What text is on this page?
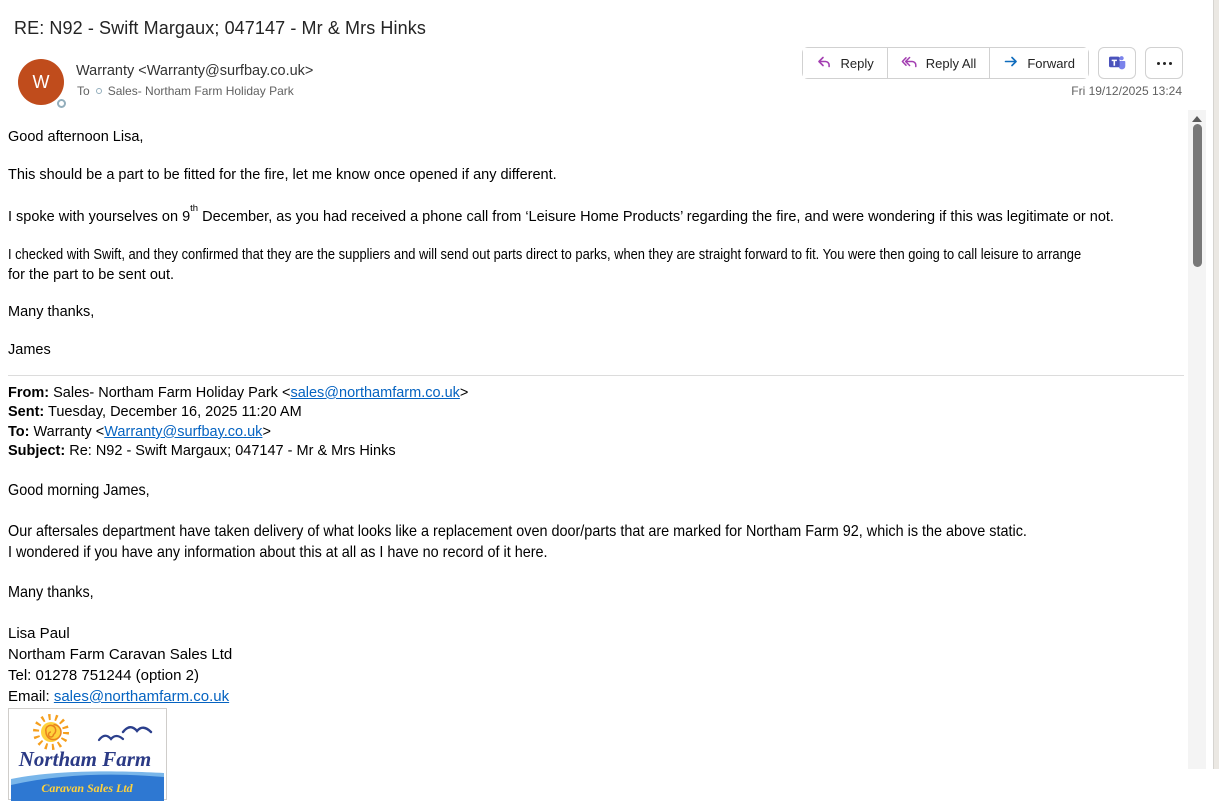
RE: N92 - Swift Margaux; 047147 - Mr & Mrs Hinks
W
Warranty <Warranty@surfbay.co.uk>
To Sales- Northam Farm Holiday Park
Reply	Reply All	Forward
Fri 19/12/2025 13:24
Good afternoon Lisa,
This should be a part to be fitted for the fire, let me know once opened if any different.
I spoke with yourselves on 9th December, as you had received a phone call from ‘Leisure Home Products’ regarding the fire, and were wondering if this was legitimate or not.
I checked with Swift, and they confirmed that they are the suppliers and will send out parts direct to parks, when they are straight forward to fit. You were then going to call leisure to arrange
for the part to be sent out.
Many thanks,
James
From: Sales- Northam Farm Holiday Park <sales@northamfarm.co.uk>
Sent: Tuesday, December 16, 2025 11:20 AM
To: Warranty <Warranty@surfbay.co.uk>
Subject: Re: N92 - Swift Margaux; 047147 - Mr & Mrs Hinks
Good morning James,
Our aftersales department have taken delivery of what looks like a replacement oven door/parts that are marked for Northam Farm 92, which is the above static.
I wondered if you have any information about this at all as I have no record of it here.
Many thanks,
Lisa Paul
Northam Farm Caravan Sales Ltd
Tel: 01278 751244 (option 2)
Email: sales@northamfarm.co.uk
Northam Farm
Caravan Sales Ltd
